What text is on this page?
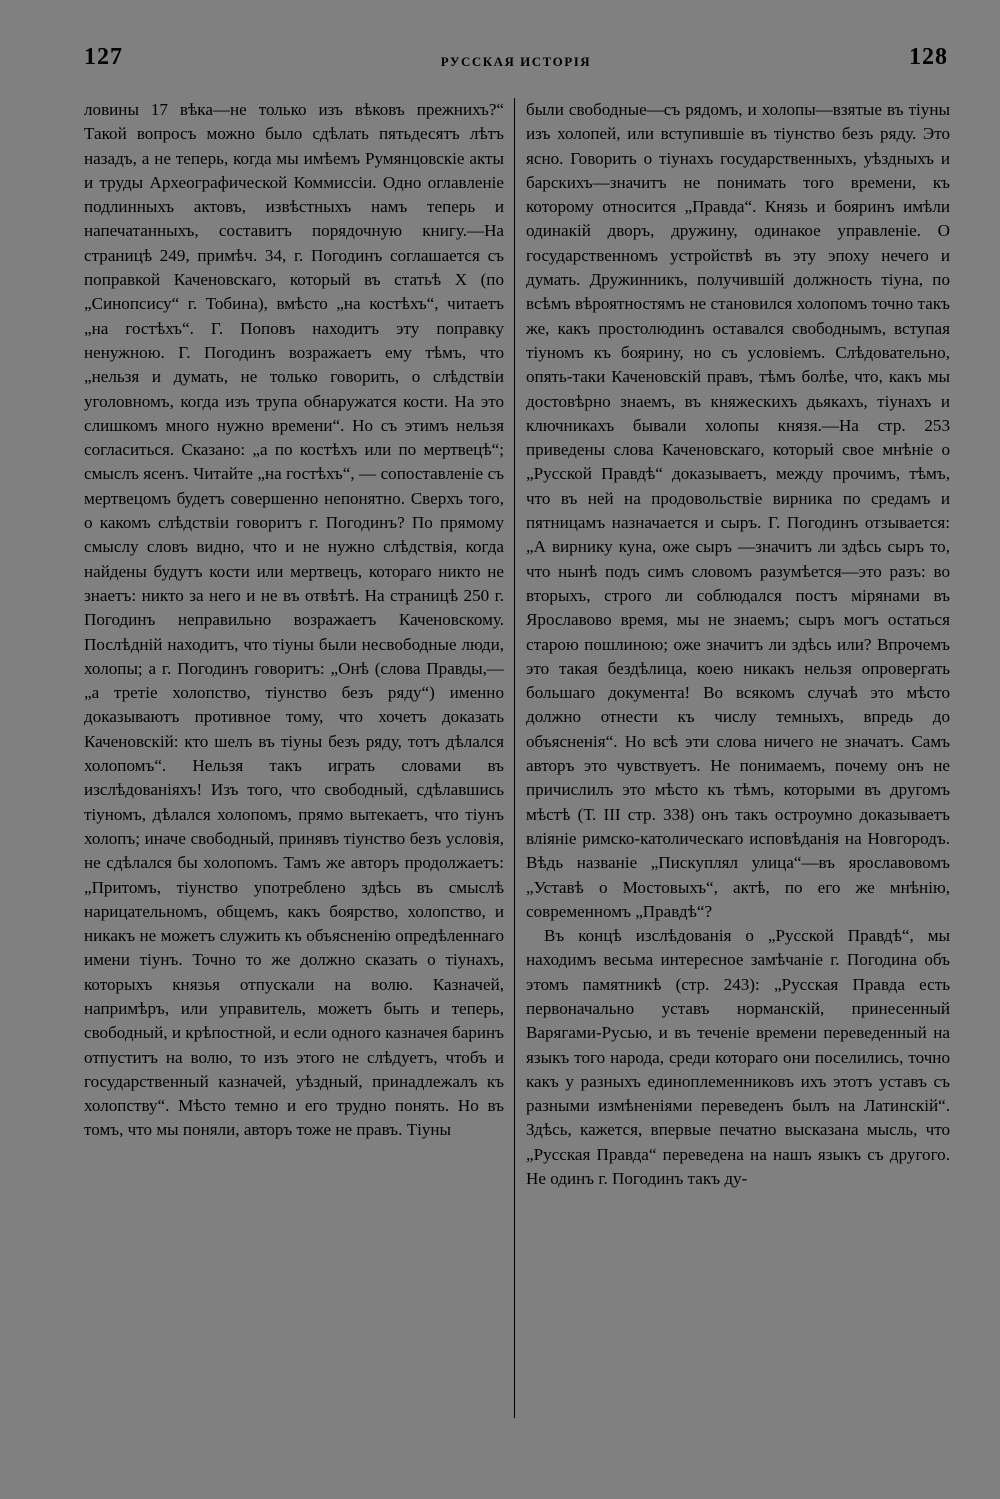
127	РУССКАЯ ИСТОРІЯ	128

ловины 17 вѣка—не только изъ вѣковъ прежнихъ?“ Такой вопросъ можно было сдѣлать пятьдесятъ лѣтъ назадъ, а не теперь, когда мы имѣемъ Румянцовскіе акты и труды Археографической Коммиссіи. Одно оглавленіе подлинныхъ актовъ, извѣстныхъ намъ теперь и напечатанныхъ, составитъ порядочную книгу.—На страницѣ 249, примѣч. 34, г. Погодинъ соглашается съ поправкой Каченовскаго, который въ статьѣ X (по „Синопсису“ г. Тобина), вмѣсто „на костѣхъ“, читаетъ „на гостѣхъ“. Г. Поповъ находитъ эту поправку ненужною. Г. Погодинъ возражаетъ ему тѣмъ, что „нельзя и думать, не только говорить, о слѣдствіи уголовномъ, когда изъ трупа обнаружатся кости. На это слишкомъ много нужно времени“. Но съ этимъ нельзя согласиться. Сказано: „а по костѣхъ или по мертвецѣ“; смыслъ ясенъ. Читайте „на гостѣхъ“, — сопоставленіе съ мертвецомъ будетъ совершенно непонятно. Сверхъ того, о какомъ слѣдствіи говоритъ г. Погодинъ? По прямому смыслу словъ видно, что и не нужно слѣдствія, когда найдены будутъ кости или мертвецъ, котораго никто не знаетъ: никто за него и не въ отвѣтѣ. На страницѣ 250 г. Погодинъ неправильно возражаетъ Каченовскому. Послѣдній находитъ, что тіуны были несвободные люди, холопы; а г. Погодинъ говоритъ: „Онѣ (слова Правды,—„а третіе холопство, тіунство безъ ряду“) именно доказываютъ противное тому, что хочетъ доказать Каченовскій: кто шелъ въ тіуны безъ ряду, тотъ дѣлался холопомъ“. Нельзя такъ играть словами въ изслѣдованіяхъ! Изъ того, что свободный, сдѣлавшись тіуномъ, дѣлался холопомъ, прямо вытекаетъ, что тіунъ холопъ; иначе свободный, принявъ тіунство безъ условія, не сдѣлался бы холопомъ. Тамъ же авторъ продолжаетъ: „Притомъ, тіунство употреблено здѣсь въ смыслѣ нарицательномъ, общемъ, какъ боярство, холопство, и никакъ не можетъ служить къ объясненію опредѣленнаго имени тіунъ. Точно то же должно сказать о тіунахъ, которыхъ князья отпускали на волю. Казначей, напримѣръ, или управитель, можетъ быть и теперь, свободный, и крѣпостной, и если одного казначея баринъ отпуститъ на волю, то изъ этого не слѣдуетъ, чтобъ и государственный казначей, уѣздный, принадлежалъ къ холопству“. Мѣсто темно и его трудно понять. Но въ томъ, что мы поняли, авторъ тоже не правъ. Тіуны

были свободные—съ рядомъ, и холопы—взятые въ тіуны изъ холопей, или вступившіе въ тіунство безъ ряду. Это ясно. Говорить о тіунахъ государственныхъ, уѣздныхъ и барскихъ—значитъ не понимать того времени, къ которому относится „Правда“. Князь и бояринъ имѣли одинакій дворъ, дружину, одинакое управленіе. О государственномъ устройствѣ въ эту эпоху нечего и думать. Дружинникъ, получившій должность тіуна, по всѣмъ вѣроятностямъ не становился холопомъ точно такъ же, какъ простолюдинъ оставался свободнымъ, вступая тіуномъ къ боярину, но съ условіемъ. Слѣдовательно, опять-таки Каченовскій правъ, тѣмъ болѣе, что, какъ мы достовѣрно знаемъ, въ княжескихъ дьякахъ, тіунахъ и ключникахъ бывали холопы князя.—На стр. 253 приведены слова Каченовскаго, который свое мнѣніе о „Русской Правдѣ“ доказываетъ, между прочимъ, тѣмъ, что въ ней на продовольствіе вирника по средамъ и пятницамъ назначается и сыръ. Г. Погодинъ отзывается: „А вирнику куна, оже сыръ —значитъ ли здѣсь сыръ то, что нынѣ подъ симъ словомъ разумѣется—это разъ: во вторыхъ, строго ли соблюдался постъ мірянами въ Ярославово время, мы не знаемъ; сыръ могъ остаться старою пошлиною; оже значитъ ли здѣсь или? Впрочемъ это такая бездѣлица, коею никакъ нельзя опровергать большаго документа! Во всякомъ случаѣ это мѣсто должно отнести къ числу темныхъ, впредь до объясненія“. Но всѣ эти слова ничего не значатъ. Самъ авторъ это чувствуетъ. Не понимаемъ, почему онъ не причислилъ это мѣсто къ тѣмъ, которыми въ другомъ мѣстѣ (Т. III стр. 338) онъ такъ остроумно доказываетъ вліяніе римско-католическаго исповѣданія на Новгородъ. Вѣдь названіе „Пискуплял улица“—въ ярославовомъ „Уставѣ о Мостовыхъ“, актѣ, по его же мнѣнію, современномъ „Правдѣ“?

Въ концѣ изслѣдованія о „Русской Правдѣ“, мы находимъ весьма интересное замѣчаніе г. Погодина объ этомъ памятникѣ (стр. 243): „Русская Правда есть первоначально уставъ норманскій, принесенный Варягами-Русью, и въ теченіе времени переведенный на языкъ того народа, среди котораго они поселились, точно какъ у разныхъ единоплеменниковъ ихъ этотъ уставъ съ разными измѣненіями переведенъ былъ на Латинскій“. Здѣсь, кажется, впервые печатно высказана мысль, что „Русская Правда“ переведена на нашъ языкъ съ другого. Не одинъ г. Погодинъ такъ ду-
